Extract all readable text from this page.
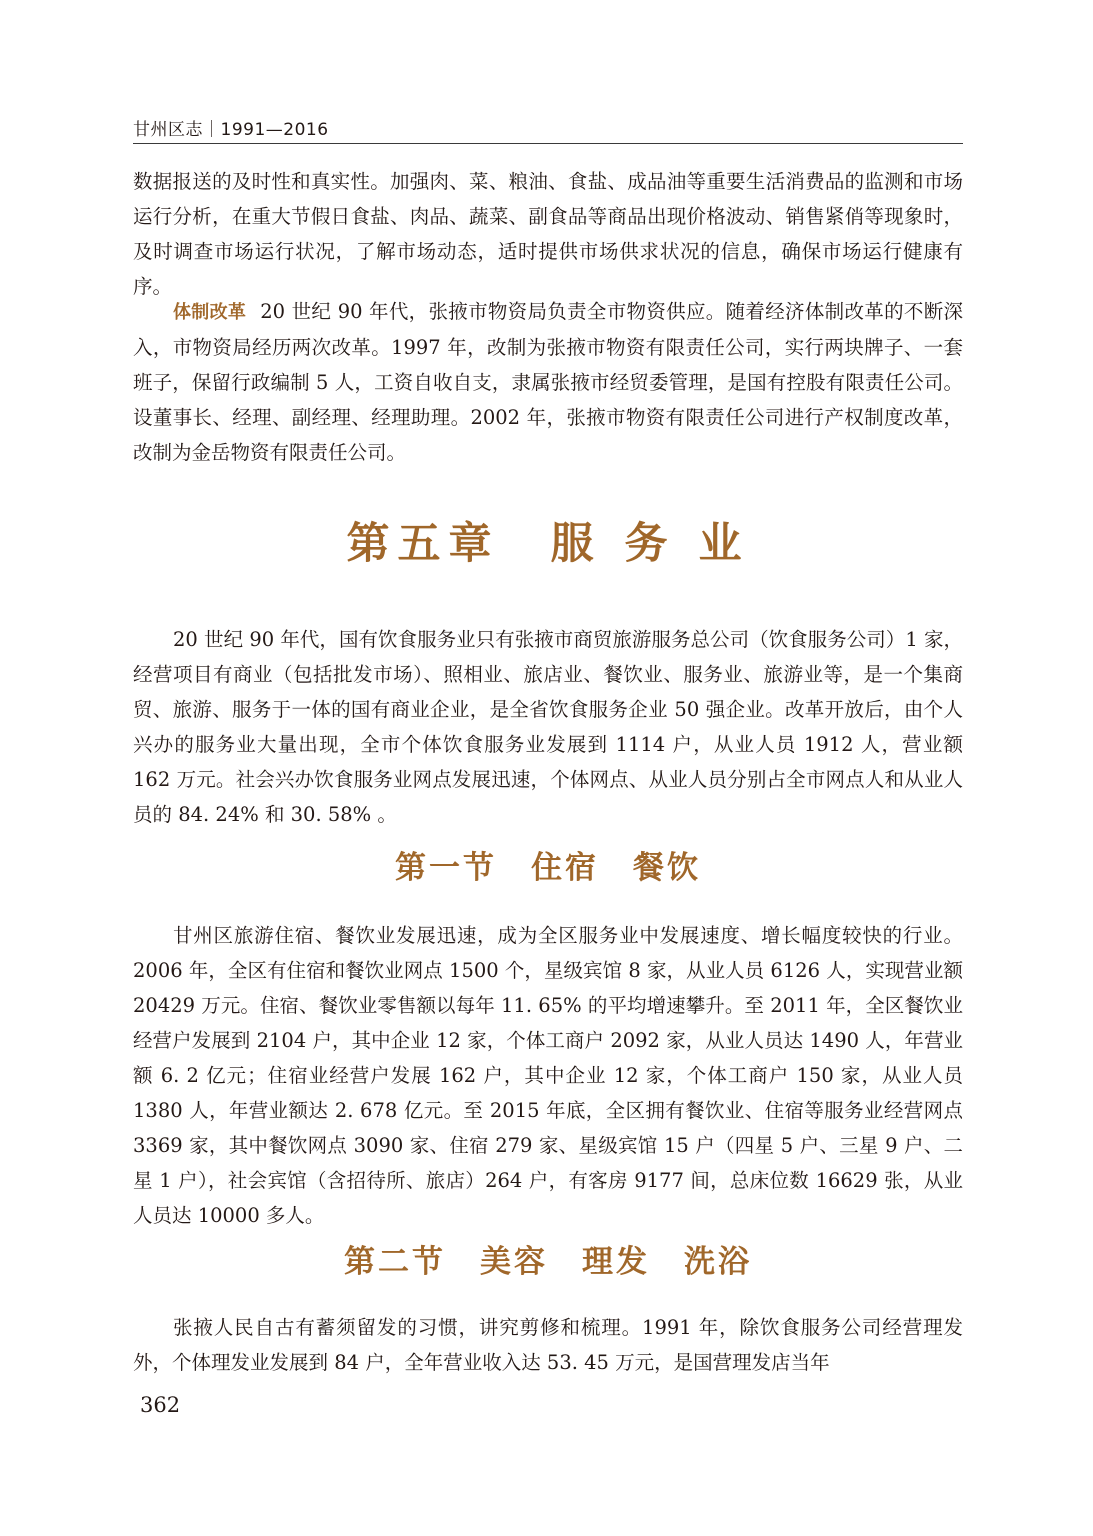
甘州区志｜1991—2016

数据报送的及时性和真实性。加强肉、菜、粮油、食盐、成品油等重要生活消费品的监测和市场运行分析，在重大节假日食盐、肉品、蔬菜、副食品等商品出现价格波动、销售紧俏等现象时，及时调查市场运行状况，了解市场动态，适时提供市场供求状况的信息，确保市场运行健康有序。

体制改革 20 世纪 90 年代，张掖市物资局负责全市物资供应。随着经济体制改革的不断深入，市物资局经历两次改革。1997 年，改制为张掖市物资有限责任公司，实行两块牌子、一套班子，保留行政编制 5 人，工资自收自支，隶属张掖市经贸委管理，是国有控股有限责任公司。设董事长、经理、副经理、经理助理。2002 年，张掖市物资有限责任公司进行产权制度改革，改制为金岳物资有限责任公司。

第五章　服 务 业

20 世纪 90 年代，国有饮食服务业只有张掖市商贸旅游服务总公司（饮食服务公司）1 家，经营项目有商业（包括批发市场）、照相业、旅店业、餐饮业、服务业、旅游业等，是一个集商贸、旅游、服务于一体的国有商业企业，是全省饮食服务企业 50 强企业。改革开放后，由个人兴办的服务业大量出现，全市个体饮食服务业发展到 1114 户，从业人员 1912 人，营业额 162 万元。社会兴办饮食服务业网点发展迅速，个体网点、从业人员分别占全市网点人和从业人员的 84. 24% 和 30. 58% 。

第一节　住宿　餐饮

甘州区旅游住宿、餐饮业发展迅速，成为全区服务业中发展速度、增长幅度较快的行业。2006 年，全区有住宿和餐饮业网点 1500 个，星级宾馆 8 家，从业人员 6126 人，实现营业额 20429 万元。住宿、餐饮业零售额以每年 11. 65% 的平均增速攀升。至 2011 年，全区餐饮业经营户发展到 2104 户，其中企业 12 家，个体工商户 2092 家，从业人员达 1490 人，年营业额 6. 2 亿元；住宿业经营户发展 162 户，其中企业 12 家，个体工商户 150 家，从业人员 1380 人，年营业额达 2. 678 亿元。至 2015 年底，全区拥有餐饮业、住宿等服务业经营网点 3369 家，其中餐饮网点 3090 家、住宿 279 家、星级宾馆 15 户（四星 5 户、三星 9 户、二星 1 户），社会宾馆（含招待所、旅店）264 户，有客房 9177 间，总床位数 16629 张，从业人员达 10000 多人。

第二节　美容　理发　洗浴

张掖人民自古有蓄须留发的习惯，讲究剪修和梳理。1991 年，除饮食服务公司经营理发外，个体理发业发展到 84 户，全年营业收入达 53. 45 万元，是国营理发店当年

362
